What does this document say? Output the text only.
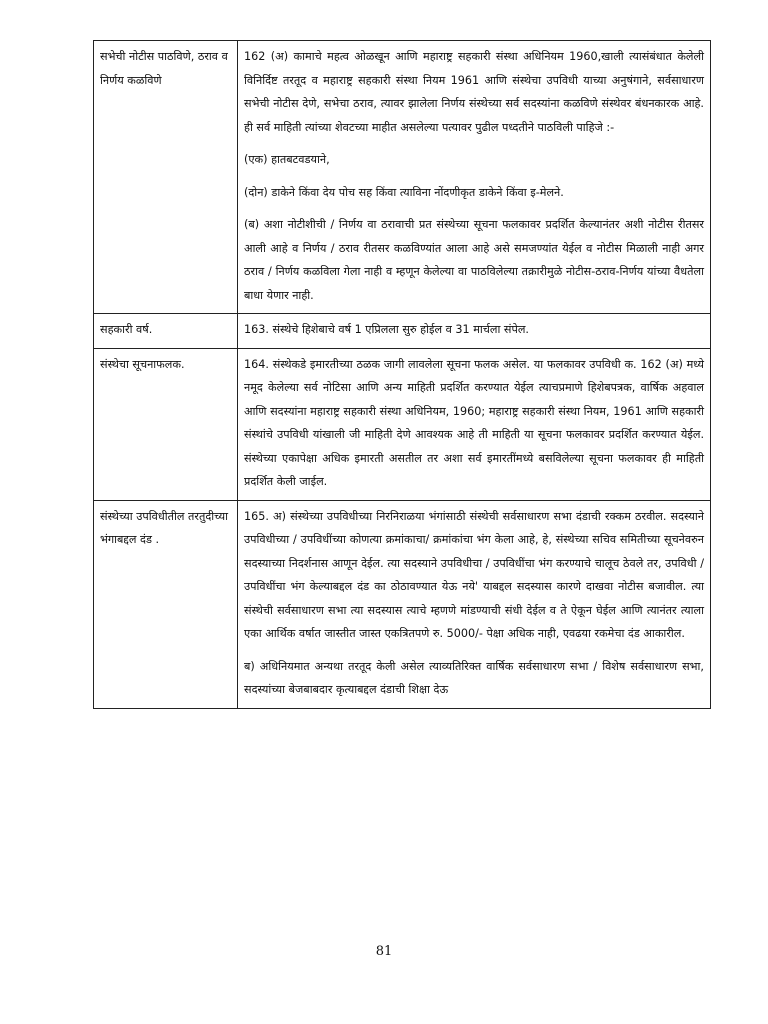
सभेची नोटीस पाठविणे, ठराव व निर्णय कळविणे	162 (अ) कामाचे महत्व ओळखून आणि महाराष्ट्र सहकारी संस्था अधिनियम 1960,खाली त्यासंबंधात केलेली विनिर्दिष्ट तरतूद व महाराष्ट्र सहकारी संस्था नियम 1961 आणि संस्थेचा उपविधी याच्या अनुषंगाने, सर्वसाधारण सभेची नोटीस देणे, सभेचा ठराव, त्यावर झालेला निर्णय संस्थेच्या सर्व सदस्यांना कळविणे संस्थेवर बंधनकारक आहे. ही सर्व माहिती त्यांच्या शेवटच्या माहीत असलेल्या पत्यावर पुढील पध्दतीने पाठविली पाहिजे :-

(एक) हातबटवडयाने,

(दोन) डाकेने किंवा देय पोच सह किंवा त्याविना नोंदणीकृत डाकेने किंवा इ-मेलने.

(ब) अशा नोटीशीची / निर्णय वा ठरावाची प्रत संस्थेच्या सूचना फलकावर प्रदर्शित केल्यानंतर अशी नोटीस रीतसर आली आहे व निर्णय / ठराव रीतसर कळविण्यांत आला आहे असे समजण्यांत येईल व नोटीस मिळाली नाही अगर ठराव / निर्णय कळविला गेला नाही व म्हणून केलेल्या वा पाठविलेल्या तक्रारीमुळे नोटीस-ठराव-निर्णय यांच्या वैधतेला बाधा येणार नाही.

सहकारी वर्ष.	163. संस्थेचे हिशेबाचे वर्ष 1 एप्रिलला सुरु होईल व 31 मार्चला संपेल.

संस्थेचा सूचनाफलक.	164. संस्थेकडे इमारतीच्या ठळक जागी लावलेला सूचना फलक असेल. या फलकावर उपविधी क. 162 (अ) मध्ये नमूद केलेल्या सर्व नोटिसा आणि अन्य माहिती प्रदर्शित करण्यात येईल त्याचप्रमाणे हिशेबपत्रक, वार्षिक अहवाल आणि सदस्यांना महाराष्ट्र सहकारी संस्था अधिनियम, 1960; महाराष्ट्र सहकारी संस्था नियम, 1961 आणि सहकारी संस्थांचे उपविधी यांखाली जी माहिती देणे आवश्यक आहे ती माहिती या सूचना फलकावर प्रदर्शित करण्यात येईल. संस्थेच्या एकापेक्षा अधिक इमारती असतील तर अशा सर्व इमारतींमध्ये बसविलेल्या सूचना फलकावर ही माहिती प्रदर्शित केली जाईल.

संस्थेच्या उपविधीतील तरतुदीच्या भंगाबद्दल दंड .	165. अ) संस्थेच्या उपविधीच्या निरनिराळया भंगांसाठी संस्थेची सर्वसाधारण सभा दंडाची रक्कम ठरवील. सदस्याने उपविधीच्या / उपविधींच्या कोणत्या क्रमांकाचा/ क्रमांकांचा भंग केला आहे, हे, संस्थेच्या सचिव समितीच्या सूचनेवरुन सदस्याच्या निदर्शनास आणून देईल. त्या सदस्याने उपविधीचा / उपविधींचा भंग करण्याचे चालूच ठेवले तर, उपविधी / उपविधींचा भंग केल्याबद्दल दंड का ठोठावण्यात येऊ नये' याबद्दल सदस्यास कारणे दाखवा नोटीस बजावील. त्या संस्थेची सर्वसाधारण सभा त्या सदस्यास त्याचे म्हणणे मांडण्याची संधी देईल व ते ऐकून घेईल आणि त्यानंतर त्याला एका आर्थिक वर्षात जास्तीत जास्त एकत्रितपणे रु. 5000/- पेक्षा अधिक नाही, एवढया रकमेचा दंड आकारील.

ब) अधिनियमात अन्यथा तरतूद केली असेल त्याव्यतिरिक्त वार्षिक सर्वसाधारण सभा / विशेष सर्वसाधारण सभा, सदस्यांच्या बेजबाबदार कृत्याबद्दल दंडाची शिक्षा देऊ

81
